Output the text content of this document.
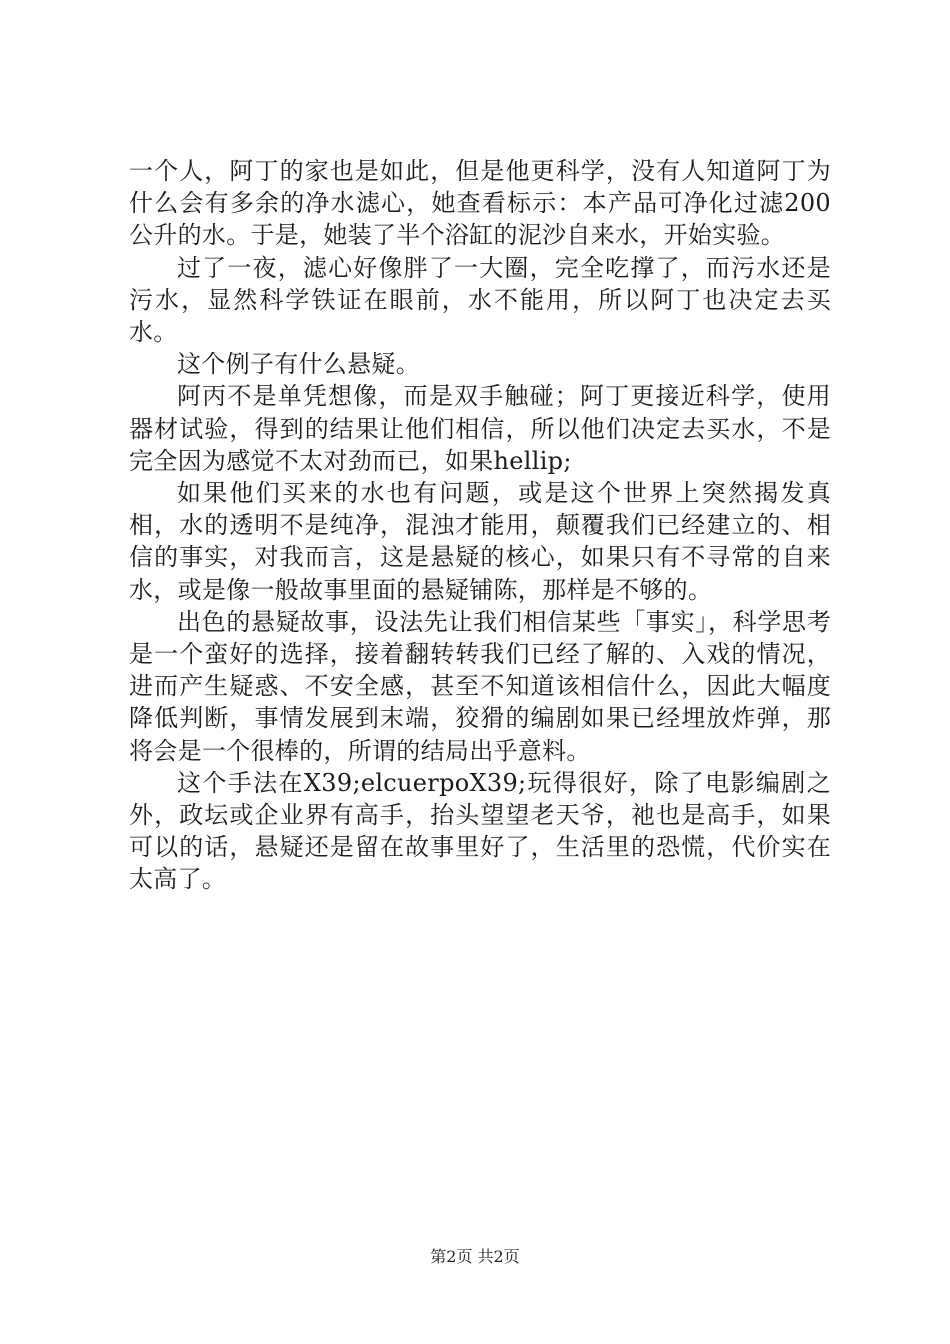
一个人，阿丁的家也是如此，但是他更科学，没有人知道阿丁为什么会有多余的净水滤心，她查看标示：本产品可净化过滤200公升的水。于是，她装了半个浴缸的泥沙自来水，开始实验。

过了一夜，滤心好像胖了一大圈，完全吃撑了，而污水还是污水，显然科学铁证在眼前，水不能用，所以阿丁也决定去买水。

这个例子有什么悬疑。

阿丙不是单凭想像，而是双手触碰；阿丁更接近科学，使用器材试验，得到的结果让他们相信，所以他们决定去买水，不是完全因为感觉不太对劲而已，如果hellip;

如果他们买来的水也有问题，或是这个世界上突然揭发真相，水的透明不是纯净，混浊才能用，颠覆我们已经建立的、相信的事实，对我而言，这是悬疑的核心，如果只有不寻常的自来水，或是像一般故事里面的悬疑铺陈，那样是不够的。

出色的悬疑故事，设法先让我们相信某些「事实」，科学思考是一个蛮好的选择，接着翻转转我们已经了解的、入戏的情况，进而产生疑惑、不安全感，甚至不知道该相信什么，因此大幅度降低判断，事情发展到末端，狡猾的编剧如果已经埋放炸弹，那将会是一个很棒的，所谓的结局出乎意料。

这个手法在X39;elcuerpoX39;玩得很好，除了电影编剧之外，政坛或企业界有高手，抬头望望老天爷，祂也是高手，如果可以的话，悬疑还是留在故事里好了，生活里的恐慌，代价实在太高了。

第2页 共2页
